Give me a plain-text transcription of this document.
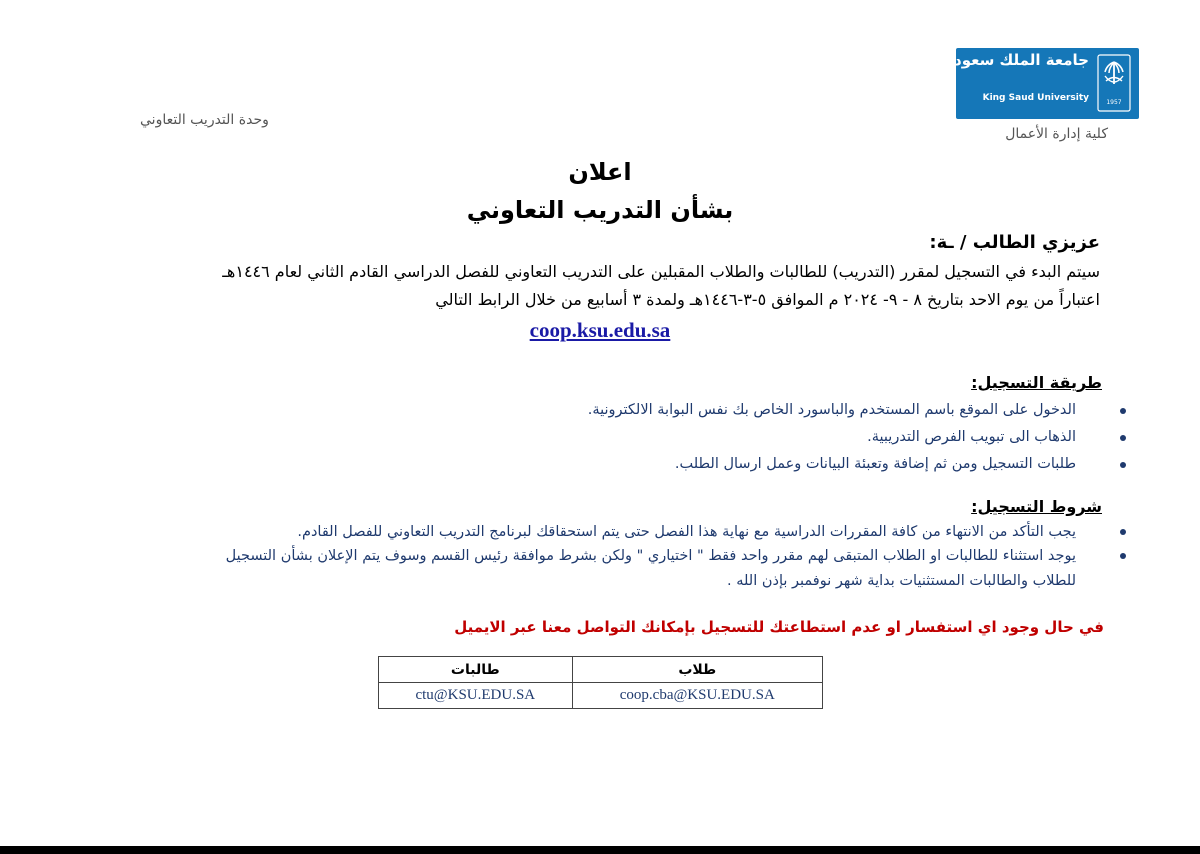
جامعة الملك سعود
King Saud University	1957
كلية إدارة الأعمال
وحدة التدريب التعاوني
اعلان
بشأن التدريب التعاوني
عزيزي الطالب / ـة:
سيتم البدء في التسجيل لمقرر (التدريب) للطالبات والطلاب المقبلين على التدريب التعاوني للفصل الدراسي القادم الثاني لعام ١٤٤٦هـ
اعتباراً من يوم الاحد بتاريخ ٨ - ٩- ٢٠٢٤ م الموافق ٥-٣-١٤٤٦هـ ولمدة ٣ أسابيع من خلال الرابط التالي
coop.ksu.edu.sa
طريقة التسجيل:
الدخول على الموقع باسم المستخدم والباسورد الخاص بك نفس البوابة الالكترونية.
الذهاب الى تبويب الفرص التدريبية.
طلبات التسجيل ومن ثم إضافة وتعبئة البيانات وعمل ارسال الطلب.
شروط التسجيل:
يجب التأكد من الانتهاء من كافة المقررات الدراسية مع نهاية هذا الفصل حتى يتم استحقاقك لبرنامج التدريب التعاوني للفصل القادم.
يوجد استثناء للطالبات او الطلاب المتبقى لهم مقرر واحد فقط " اختياري " ولكن بشرط موافقة رئيس القسم وسوف يتم الإعلان بشأن التسجيل
للطلاب والطالبات المستثنيات بداية شهر نوفمبر بإذن الله .
في حال وجود اي استفسار او عدم استطاعتك للتسجيل بإمكانك التواصل معنا عبر الايميل
طالبات	طلاب
ctu@KSU.EDU.SA	coop.cba@KSU.EDU.SA
